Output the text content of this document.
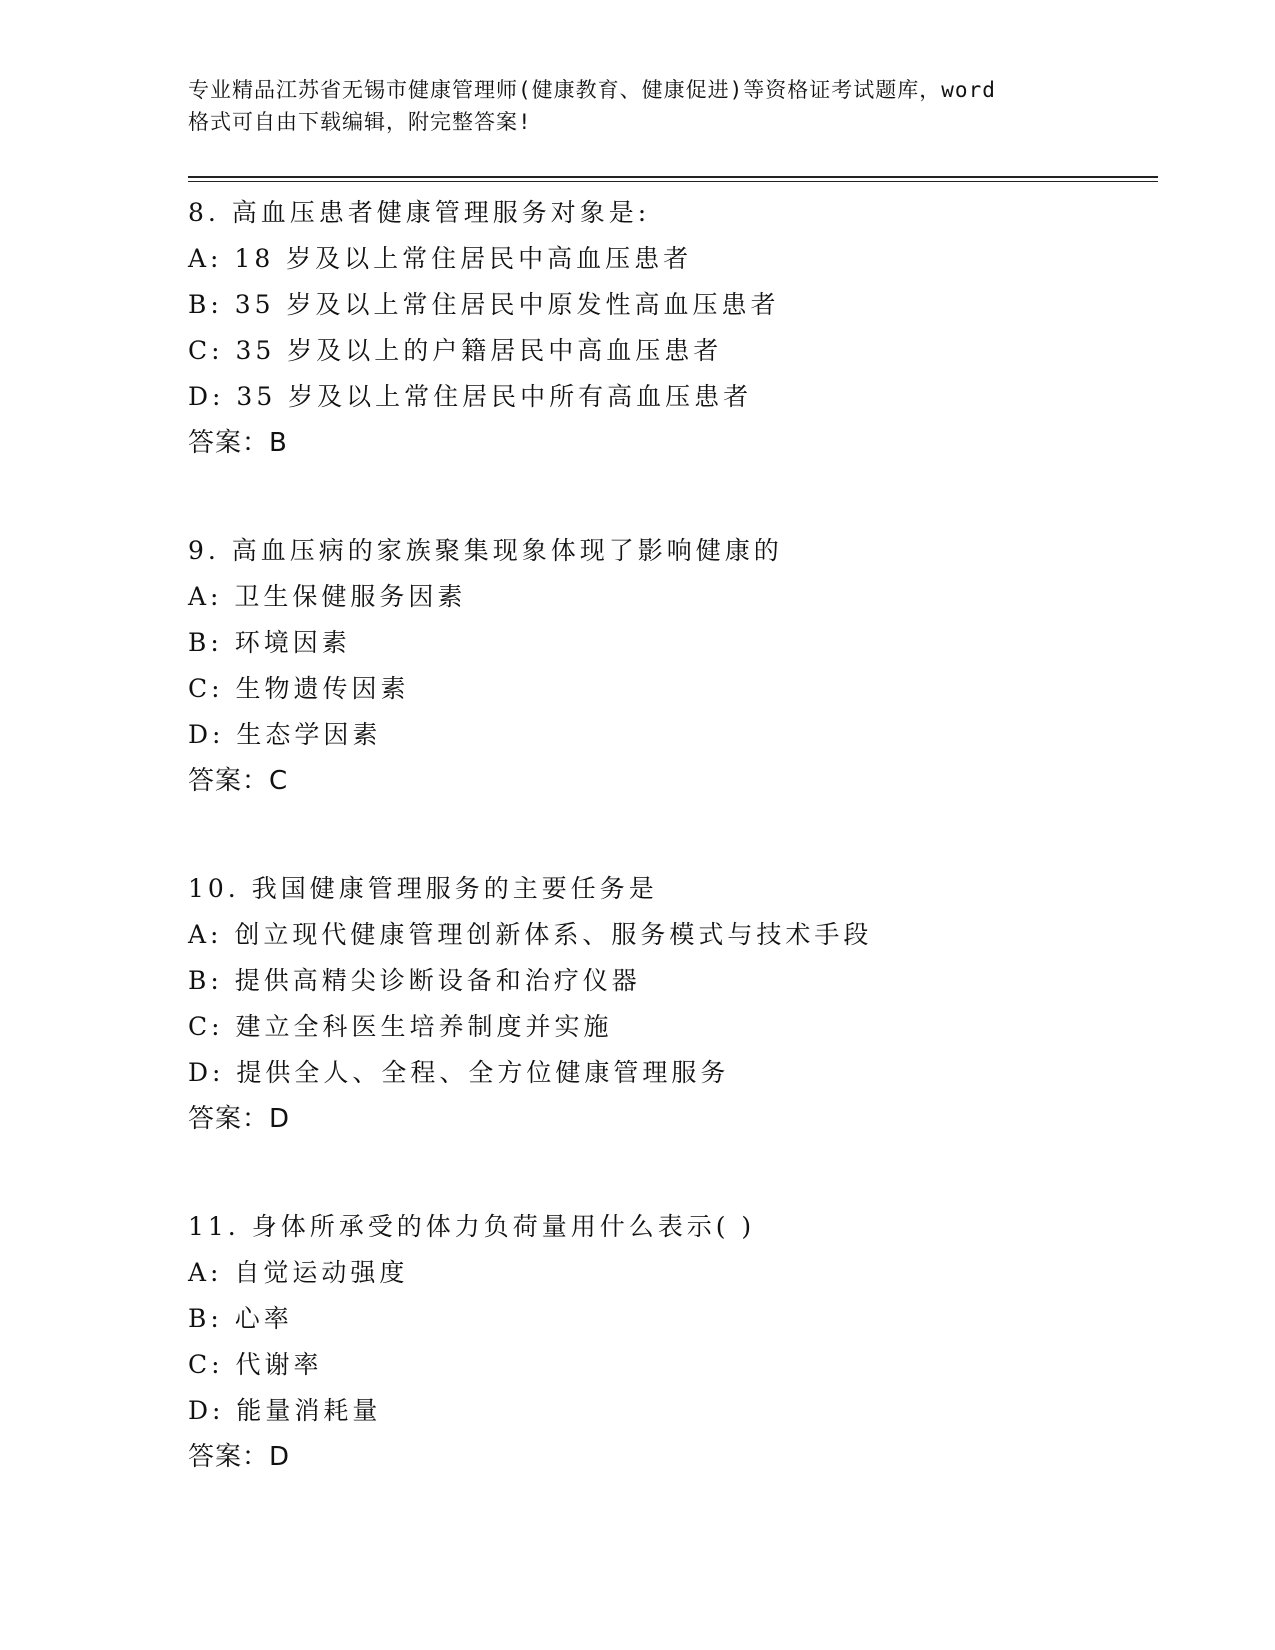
专业精品江苏省无锡市健康管理师(健康教育、健康促进)等资格证考试题库，word
格式可自由下载编辑，附完整答案!
8. 高血压患者健康管理服务对象是:
A: 18 岁及以上常住居民中高血压患者
B: 35 岁及以上常住居民中原发性高血压患者
C: 35 岁及以上的户籍居民中高血压患者
D: 35 岁及以上常住居民中所有高血压患者
答案：B
9. 高血压病的家族聚集现象体现了影响健康的
A: 卫生保健服务因素
B: 环境因素
C: 生物遗传因素
D: 生态学因素
答案：C
10. 我国健康管理服务的主要任务是
A: 创立现代健康管理创新体系、服务模式与技术手段
B: 提供高精尖诊断设备和治疗仪器
C: 建立全科医生培养制度并实施
D: 提供全人、全程、全方位健康管理服务
答案：D
11. 身体所承受的体力负荷量用什么表示( )
A: 自觉运动强度
B: 心率
C: 代谢率
D: 能量消耗量
答案：D
